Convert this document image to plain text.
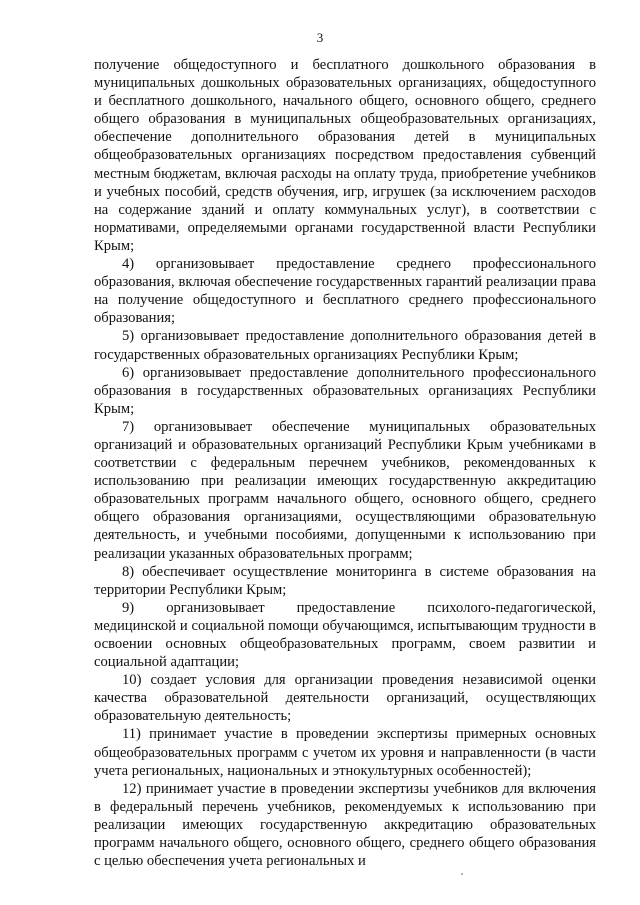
3

получение общедоступного и бесплатного дошкольного образования в муниципальных дошкольных образовательных организациях, общедоступного и бесплатного дошкольного, начального общего, основного общего, среднего общего образования в муниципальных общеобразовательных организациях, обеспечение дополнительного образования детей в муниципальных общеобразовательных организациях посредством предоставления субвенций местным бюджетам, включая расходы на оплату труда, приобретение учебников и учебных пособий, средств обучения, игр, игрушек (за исключением расходов на содержание зданий и оплату коммунальных услуг), в соответствии с нормативами, определяемыми органами государственной власти Республики Крым;

4) организовывает предоставление среднего профессионального образования, включая обеспечение государственных гарантий реализации права на получение общедоступного и бесплатного среднего профессионального образования;

5) организовывает предоставление дополнительного образования детей в государственных образовательных организациях Республики Крым;

6) организовывает предоставление дополнительного профессионального образования в государственных образовательных организациях Республики Крым;

7) организовывает обеспечение муниципальных образовательных организаций и образовательных организаций Республики Крым учебниками в соответствии с федеральным перечнем учебников, рекомендованных к использованию при реализации имеющих государственную аккредитацию образовательных программ начального общего, основного общего, среднего общего образования организациями, осуществляющими образовательную деятельность, и учебными пособиями, допущенными к использованию при реализации указанных образовательных программ;

8) обеспечивает осуществление мониторинга в системе образования на территории Республики Крым;

9) организовывает предоставление психолого-педагогической, медицинской и социальной помощи обучающимся, испытывающим трудности в освоении основных общеобразовательных программ, своем развитии и социальной адаптации;

10) создает условия для организации проведения независимой оценки качества образовательной деятельности организаций, осуществляющих образовательную деятельность;

11) принимает участие в проведении экспертизы примерных основных общеобразовательных программ с учетом их уровня и направленности (в части учета региональных, национальных и этнокультурных особенностей);

12) принимает участие в проведении экспертизы учебников для включения в федеральный перечень учебников, рекомендуемых к использованию при реализации имеющих государственную аккредитацию образовательных программ начального общего, основного общего, среднего общего образования с целью обеспечения учета региональных и
